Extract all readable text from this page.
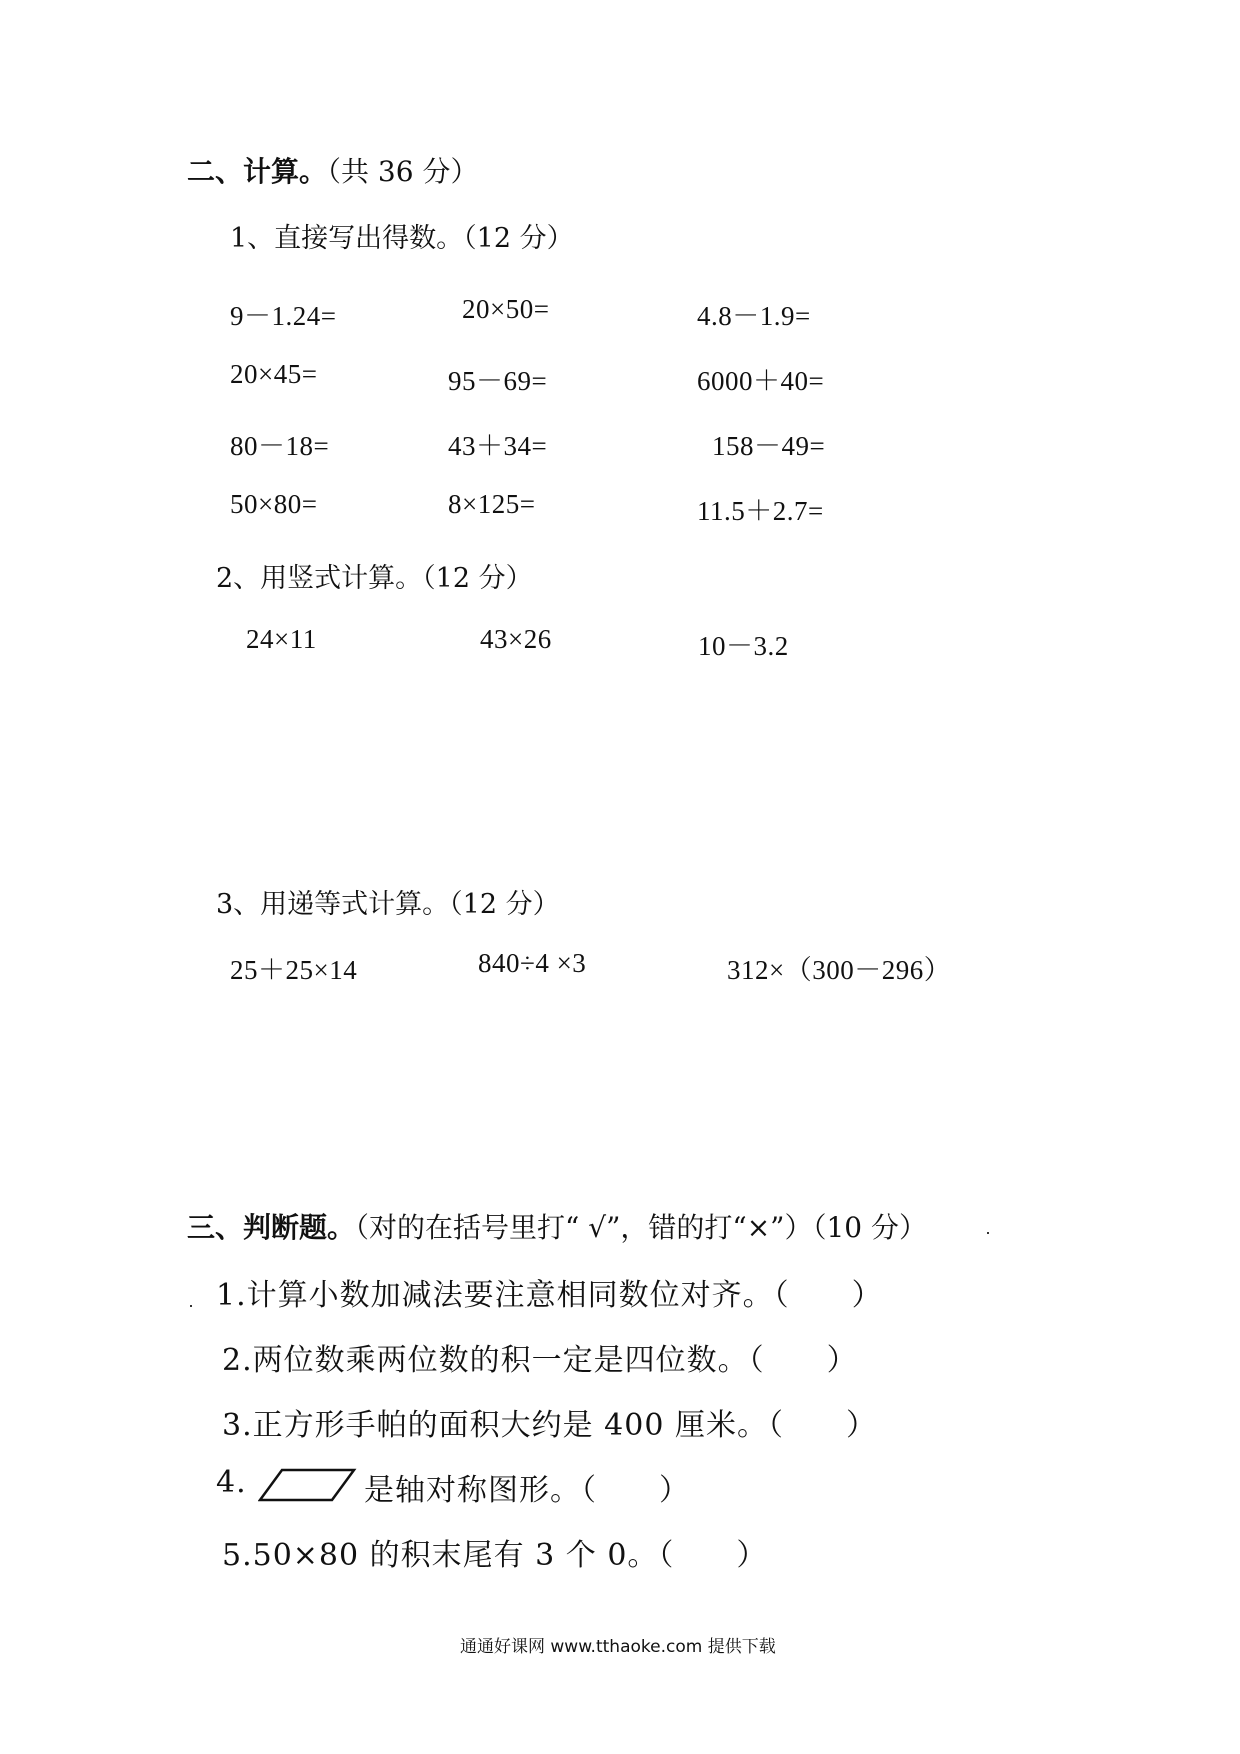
二、计算。（共 36 分）
1、直接写出得数。（12 分）
9－1.24=	20×50=	4.8－1.9=
20×45=	95－69=	6000＋40=
80－18=	43＋34=	158－49=
50×80=	8×125=	11.5＋2.7=
2、用竖式计算。（12 分）
24×11	43×26	10－3.2
3、用递等式计算。（12 分）
25＋25×14	840÷4 ×3	312×（300－296）
三、判断题。（对的在括号里打“ √”，错的打“×”）（10 分）
1.计算小数加减法要注意相同数位对齐。（　　）
2.两位数乘两位数的积一定是四位数。（　　）
3.正方形手帕的面积大约是 400 厘米。（　　）
4.	是轴对称图形。（　　）
5.50×80 的积末尾有 3 个 0。（　　）
通通好课网 www.tthaoke.com 提供下载
